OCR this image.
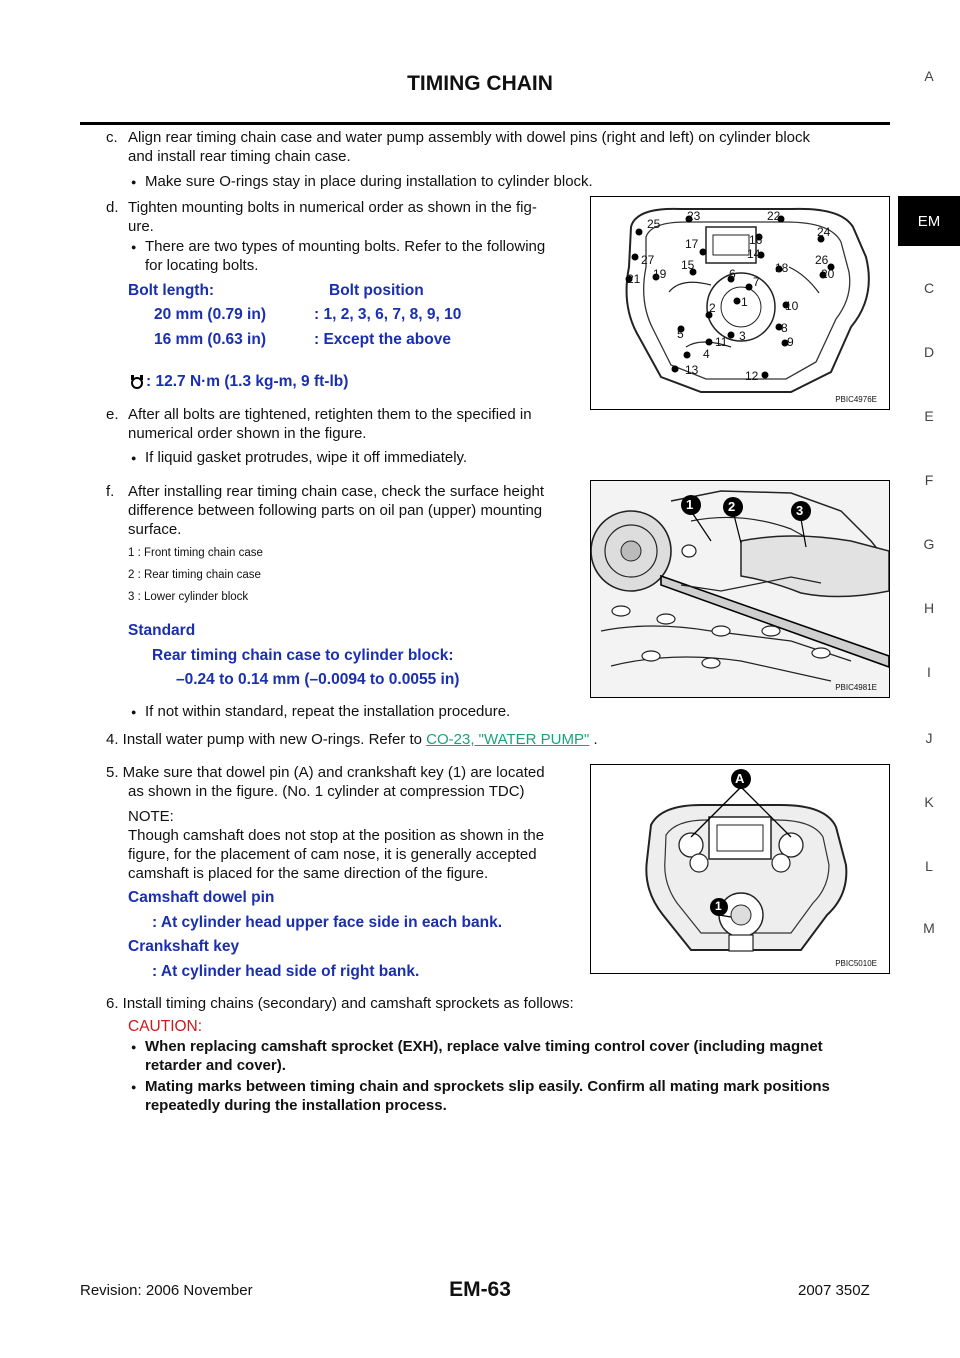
TIMING CHAIN	A
EM
C
D
E
F
G
H
I
J
K
L
M
c. Align rear timing chain case and water pump assembly with dowel pins (right and left) on cylinder block
and install rear timing chain case.
● Make sure O-rings stay in place during installation to cylinder block.
d. Tighten mounting bolts in numerical order as shown in the fig-
ure.
● There are two types of mounting bolts. Refer to the following
for locating bolts.
Bolt length:	Bolt position
20 mm (0.79 in)	: 1, 2, 3, 6, 7, 8, 9, 10
16 mm (0.63 in)	: Except the above
: 12.7 N·m (1.3 kg-m, 9 ft-lb)
25
23	22
16
17
14
24
27 15	26
21 19	6	18	20
7
1	10
2
8
3	9
5
11
4
13	12
PBIC4976E
e. After all bolts are tightened, retighten them to the specified in
numerical order shown in the figure.
● If liquid gasket protrudes, wipe it off immediately.
f. After installing rear timing chain case, check the surface height
difference between following parts on oil pan (upper) mounting
surface.
1 : Front timing chain case
2 : Rear timing chain case
3 : Lower cylinder block
Standard
Rear timing chain case to cylinder block:
–0.24 to 0.14 mm (–0.0094 to 0.0055 in)
● If not within standard, repeat the installation procedure.
1	2	3
PBIC4981E
4. Install water pump with new O-rings. Refer to CO-23, "WATER PUMP" .
5. Make sure that dowel pin (A) and crankshaft key (1) are located
as shown in the figure. (No. 1 cylinder at compression TDC)
NOTE:
Though camshaft does not stop at the position as shown in the
figure, for the placement of cam nose, it is generally accepted
camshaft is placed for the same direction of the figure.
Camshaft dowel pin
: At cylinder head upper face side in each bank.
Crankshaft key
: At cylinder head side of right bank.
A
1
PBIC5010E
6. Install timing chains (secondary) and camshaft sprockets as follows:
CAUTION:
● When replacing camshaft sprocket (EXH), replace valve timing control cover (including magnet
retarder and cover).
● Mating marks between timing chain and sprockets slip easily. Confirm all mating mark positions
repeatedly during the installation process.
Revision: 2006 November	EM-63	2007 350Z
